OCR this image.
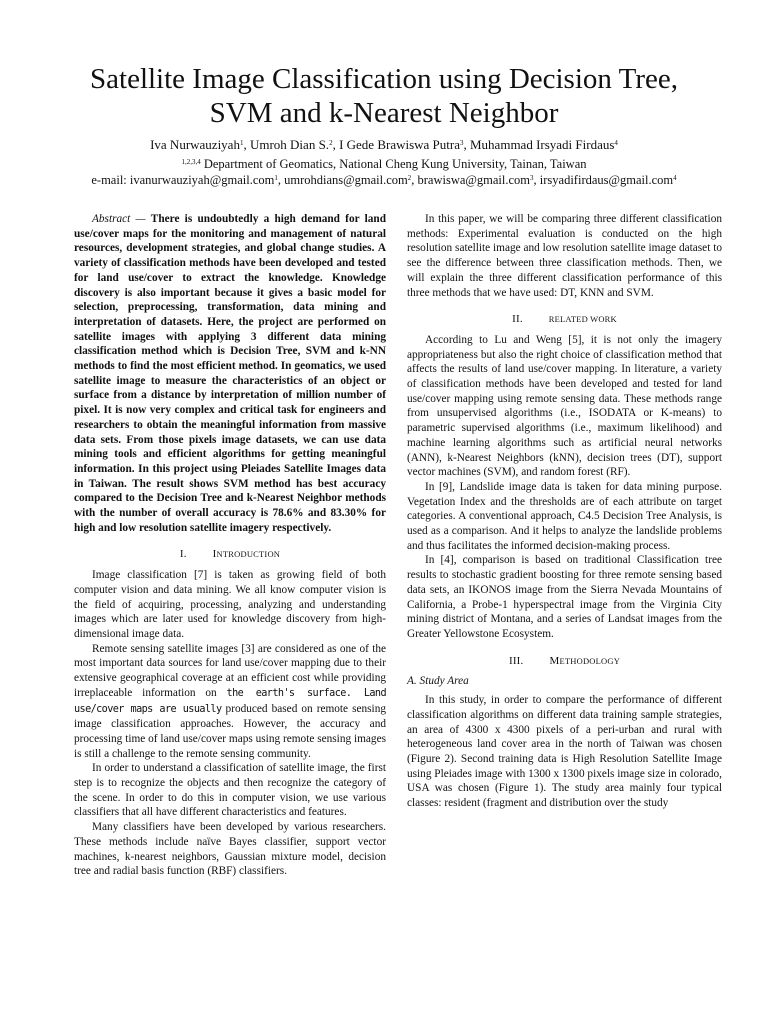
Satellite Image Classification using Decision Tree,
SVM and k-Nearest Neighbor
Iva Nurwauziyah$^1$, Umroh Dian S.$^2$, I Gede Brawiswa Putra$^3$, Muhammad Irsyadi Firdaus$^4$
$^{1,2,3,4}$ Department of Geomatics, National Cheng Kung University, Tainan, Taiwan
e-mail: ivanurwauziyah@gmail.com$^1$, umrohdians@gmail.com$^2$, brawiswa@gmail.com$^3$, irsyadifirdaus@gmail.com$^4$

Abstract — There is undoubtedly a high demand for land use/cover maps for the monitoring and management of natural resources, development strategies, and global change studies. A variety of classification methods have been developed and tested for land use/cover to extract the knowledge. Knowledge discovery is also important because it gives a basic model for selection, preprocessing, transformation, data mining and interpretation of datasets. Here, the project are performed on satellite images with applying 3 different data mining classification method which is Decision Tree, SVM and k-NN methods to find the most efficient method. In geomatics, we used satellite image to measure the characteristics of an object or surface from a distance by interpretation of million number of pixel. It is now very complex and critical task for engineers and researchers to obtain the meaningful information from massive data sets. From those pixels image datasets, we can use data mining tools and efficient algorithms for getting meaningful information. In this project using Pleiades Satellite Images data in Taiwan. The result shows SVM method has best accuracy compared to the Decision Tree and k-Nearest Neighbor methods with the number of overall accuracy is 78.6% and 83.30% for high and low resolution satellite imagery respectively.

I. INTRODUCTION

Image classification [7] is taken as growing field of both computer vision and data mining. We all know computer vision is the field of acquiring, processing, analyzing and understanding images which are later used for knowledge discovery from high-dimensional image data.

Remote sensing satellite images [3] are considered as one of the most important data sources for land use/cover mapping due to their extensive geographical coverage at an efficient cost while providing irreplaceable information on the earth's surface. Land use/cover maps are usually produced based on remote sensing image classification approaches. However, the accuracy and processing time of land use/cover maps using remote sensing images is still a challenge to the remote sensing community.

In order to understand a classification of satellite image, the first step is to recognize the objects and then recognize the category of the scene. In order to do this in computer vision, we use various classifiers that all have different characteristics and features.

Many classifiers have been developed by various researchers. These methods include naïve Bayes classifier, support vector machines, k-nearest neighbors, Gaussian mixture model, decision tree and radial basis function (RBF) classifiers.

In this paper, we will be comparing three different classification methods: Experimental evaluation is conducted on the high resolution satellite image and low resolution satellite image dataset to see the difference between three classification methods. Then, we will explain the three different classification performance of this three methods that we have used: DT, KNN and SVM.

II.	RELATED WORK

According to Lu and Weng [5], it is not only the imagery appropriateness but also the right choice of classification method that affects the results of land use/cover mapping. In literature, a variety of classification methods have been developed and tested for land use/cover mapping using remote sensing data. These methods range from unsupervised algorithms (i.e., ISODATA or K-means) to parametric supervised algorithms (i.e., maximum likelihood) and machine learning algorithms such as artificial neural networks (ANN), k-Nearest Neighbors (kNN), decision trees (DT), support vector machines (SVM), and random forest (RF).

In [9], Landslide image data is taken for data mining purpose. Vegetation Index and the thresholds are of each attribute on target categories. A conventional approach, C4.5 Decision Tree Analysis, is used as a comparison. And it helps to analyze the landslide problems and thus facilitates the informed decision-making process.

In [4], comparison is based on traditional Classification tree results to stochastic gradient boosting for three remote sensing based data sets, an IKONOS image from the Sierra Nevada Mountains of California, a Probe-1 hyperspectral image from the Virginia City mining district of Montana, and a series of Landsat images from the Greater Yellowstone Ecosystem.

III. METHODOLOGY
A. Study Area

In this study, in order to compare the performance of different classification algorithms on different data training sample strategies, an area of 4300 x 4300 pixels of a peri-urban and rural with heterogeneous land cover area in the north of Taiwan was chosen (Figure 2). Second training data is High Resolution Satellite Image using Pleiades image with 1300 x 1300 pixels image size in colorado, USA was chosen (Figure 1). The study area mainly four typical classes: resident (fragment and distribution over the study
